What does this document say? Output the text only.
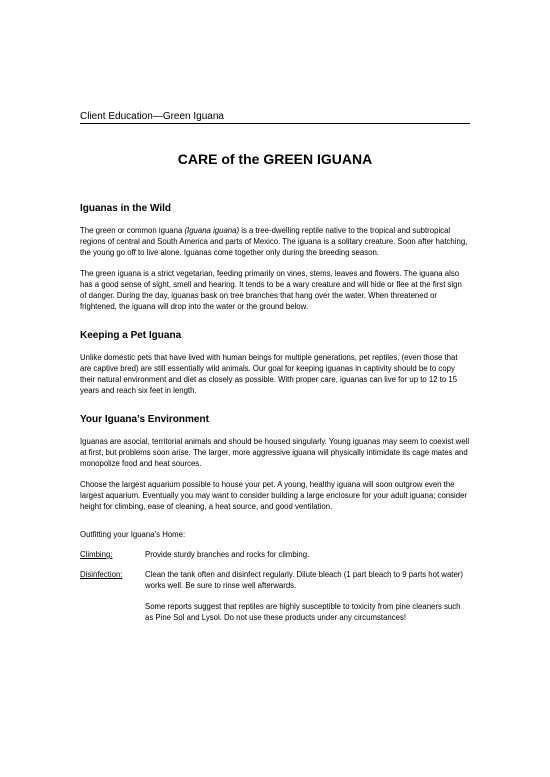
Client Education—Green Iguana
CARE of the GREEN IGUANA
Iguanas in the Wild

The green or common iguana (Iguana iguana) is a tree-dwelling reptile native to the tropical and subtropical regions of central and South America and parts of Mexico. The iguana is a solitary creature. Soon after hatching, the young go off to live alone. Iguanas come together only during the breeding season.

The green iguana is a strict vegetarian, feeding primarily on vines, stems, leaves and flowers. The iguana also has a good sense of sight, smell and hearing. It tends to be a wary creature and will hide or flee at the first sign of danger. During the day, iguanas bask on tree branches that hang over the water. When threatened or frightened, the iguana will drop into the water or the ground below.

Keeping a Pet Iguana

Unlike domestic pets that have lived with human beings for multiple generations, pet reptiles, (even those that are captive bred) are still essentially wild animals. Our goal for keeping iguanas in captivity should be to copy their natural environment and diet as closely as possible. With proper care, iguanas can live for up to 12 to 15 years and reach six feet in length.

Your Iguana’s Environment

Iguanas are asocial, territorial animals and should be housed singularly. Young iguanas may seem to coexist well at first, but problems soon arise. The larger, more aggressive iguana will physically intimidate its cage mates and monopolize food and heat sources.

Choose the largest aquarium possible to house your pet. A young, healthy iguana will soon outgrow even the largest aquarium. Eventually you may want to consider building a large enclosure for your adult iguana; consider height for climbing, ease of cleaning, a heat source, and good ventilation.

Outfitting your Iguana’s Home:

Climbing:	Provide sturdy branches and rocks for climbing.
Disinfection:	Clean the tank often and disinfect regularly. Dilute bleach (1 part bleach to 9 parts hot water) works well. Be sure to rinse well afterwards.

Some reports suggest that reptiles are highly susceptible to toxicity from pine cleaners such as Pine Sol and Lysol. Do not use these products under any circumstances!
